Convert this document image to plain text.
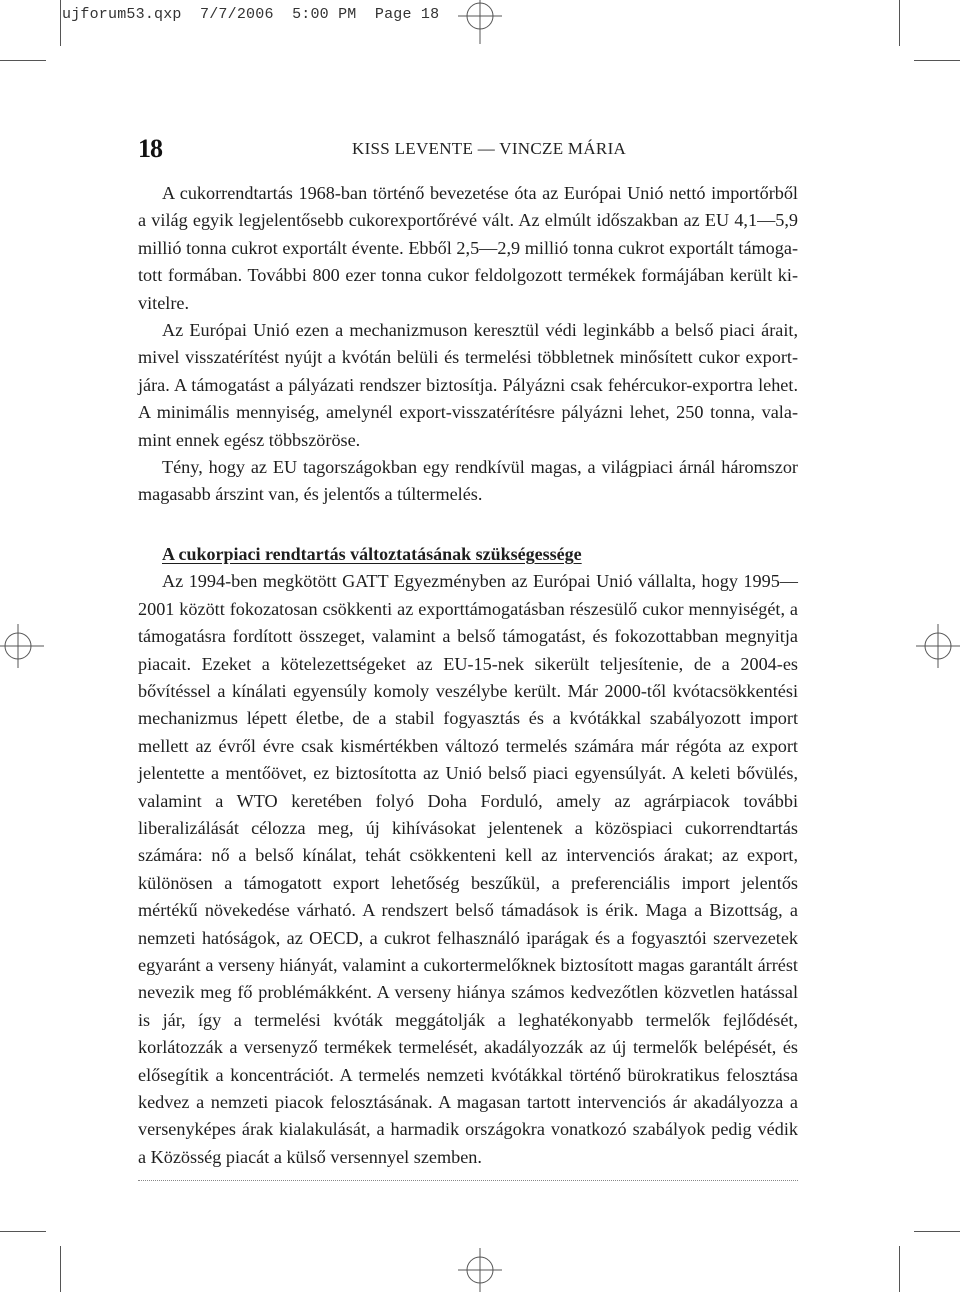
ujforum53.qxp 7/7/2006 5:00 PM Page 18
18	KISS LEVENTE — VINCZE MÁRIA

A cukorrendtartás 1968-ban történő bevezetése óta az Európai Unió nettó importőrből a világ egyik legjelentősebb cukorexportőrévé vált. Az elmúlt időszakban az EU 4,1—5,9 millió tonna cukrot exportált évente. Ebből 2,5—2,9 millió tonna cukrot exportált támogatott formában. További 800 ezer tonna cukor feldolgozott termékek formájában került kivitelre.

Az Európai Unió ezen a mechanizmuson keresztül védi leginkább a belső piaci árait, mivel visszatérítést nyújt a kvótán belüli és termelési többletnek minősített cukor exportjára. A támogatást a pályázati rendszer biztosítja. Pályázni csak fehércukor-exportra lehet. A minimális mennyiség, amelynél export-visszatérítésre pályázni lehet, 250 tonna, valamint ennek egész többszöröse.

Tény, hogy az EU tagországokban egy rendkívül magas, a világpiaci árnál háromszor magasabb árszint van, és jelentős a túltermelés.

A cukorpiaci rendtartás változtatásának szükségessége

Az 1994-ben megkötött GATT Egyezményben az Európai Unió vállalta, hogy 1995—2001 között fokozatosan csökkenti az exporttámogatásban részesülő cukor mennyiségét, a támogatásra fordított összeget, valamint a belső támogatást, és fokozottabban megnyitja piacait. Ezeket a kötelezettségeket az EU-15-nek sikerült teljesítenie, de a 2004-es bővítéssel a kínálati egyensúly komoly veszélybe került. Már 2000-től kvótacsökkentési mechanizmus lépett életbe, de a stabil fogyasztás és a kvótákkal szabályozott import mellett az évről évre csak kismértékben változó termelés számára már régóta az export jelentette a mentőövet, ez biztosította az Unió belső piaci egyensúlyát. A keleti bővülés, valamint a WTO keretében folyó Doha Forduló, amely az agrárpiacok további liberalizálását célozza meg, új kihívásokat jelentenek a közöspiaci cukorrendtartás számára: nő a belső kínálat, tehát csökkenteni kell az intervenciós árakat; az export, különösen a támogatott export lehetőség beszűkül, a preferenciális import jelentős mértékű növekedése várható. A rendszert belső támadások is érik. Maga a Bizottság, a nemzeti hatóságok, az OECD, a cukrot felhasználó iparágak és a fogyasztói szervezetek egyaránt a verseny hiányát, valamint a cukortermelőknek biztosított magas garantált árrést nevezik meg fő problémákként. A verseny hiánya számos kedvezőtlen közvetlen hatással is jár, így a termelési kvóták meggátolják a leghatékonyabb termelők fejlődését, korlátozzák a versenyző termékek termelését, akadályozzák az új termelők belépését, és elősegítik a koncentrációt. A termelés nemzeti kvótákkal történő bürokratikus felosztása kedvez a nemzeti piacok felosztásának. A magasan tartott intervenciós ár akadályozza a versenyképes árak kialakulását, a harmadik országokra vonatkozó szabályok pedig védik a Közösség piacát a külső versennyel szemben.
